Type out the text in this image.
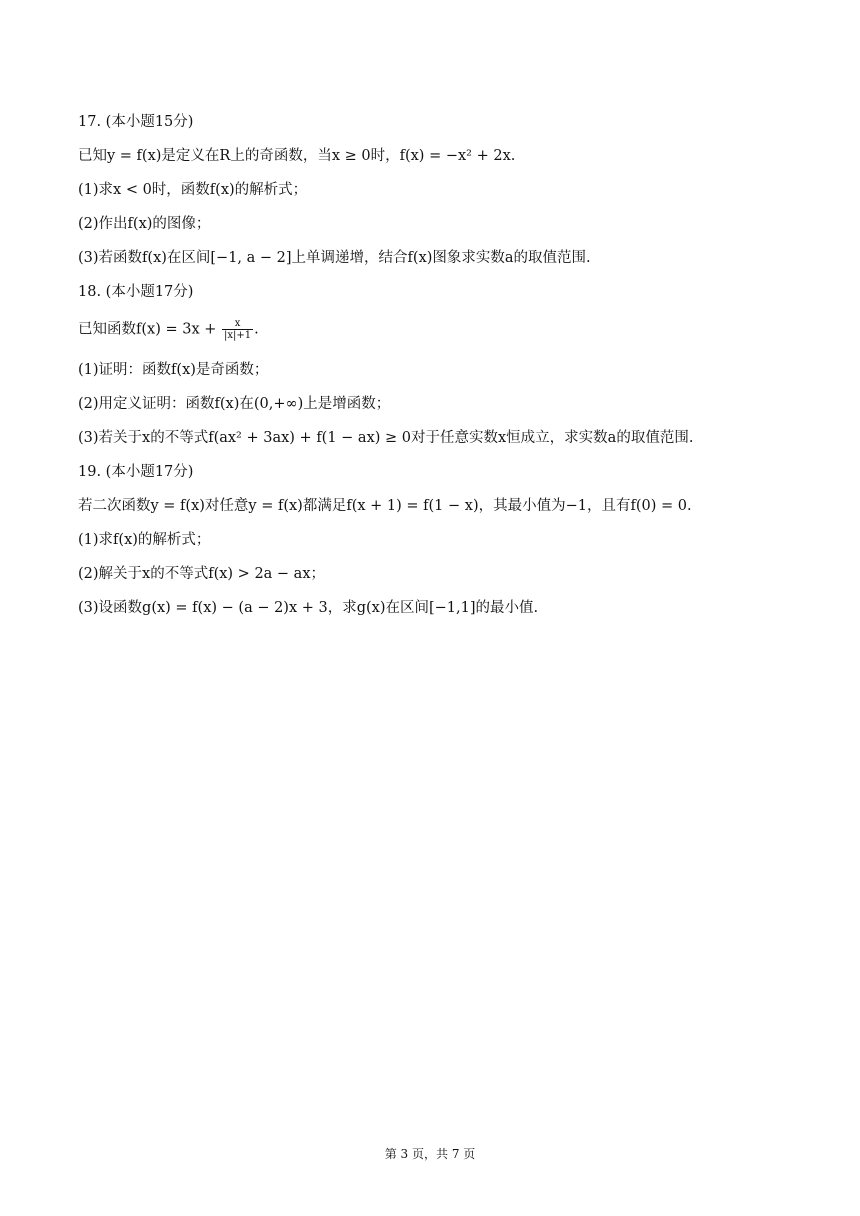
17. (本小题15分)
已知y = f(x)是定义在R上的奇函数，当x ≥ 0时，f(x) = −x² + 2x.
(1)求x < 0时，函数f(x)的解析式；
(2)作出f(x)的图像；
(3)若函数f(x)在区间[−1, a − 2]上单调递增，结合f(x)图象求实数a的取值范围.
18. (本小题17分)
已知函数$f(x) = 3x + \frac{x}{|x|+1}$ .
(1)证明：函数f(x)是奇函数；
(2)用定义证明：函数f(x)在(0,+∞)上是增函数；
(3)若关于x的不等式f(ax² + 3ax) + f(1 − ax) ≥ 0对于任意实数x恒成立，求实数a的取值范围.
19. (本小题17分)
若二次函数y = f(x)对任意y = f(x)都满足f(x + 1) = f(1 − x)，其最小值为−1，且有f(0) = 0.
(1)求f(x)的解析式；
(2)解关于x的不等式f(x) > 2a − ax；
(3)设函数g(x) = f(x) − (a − 2)x + 3，求g(x)在区间[−1,1]的最小值.
第 3 页，共 7 页
